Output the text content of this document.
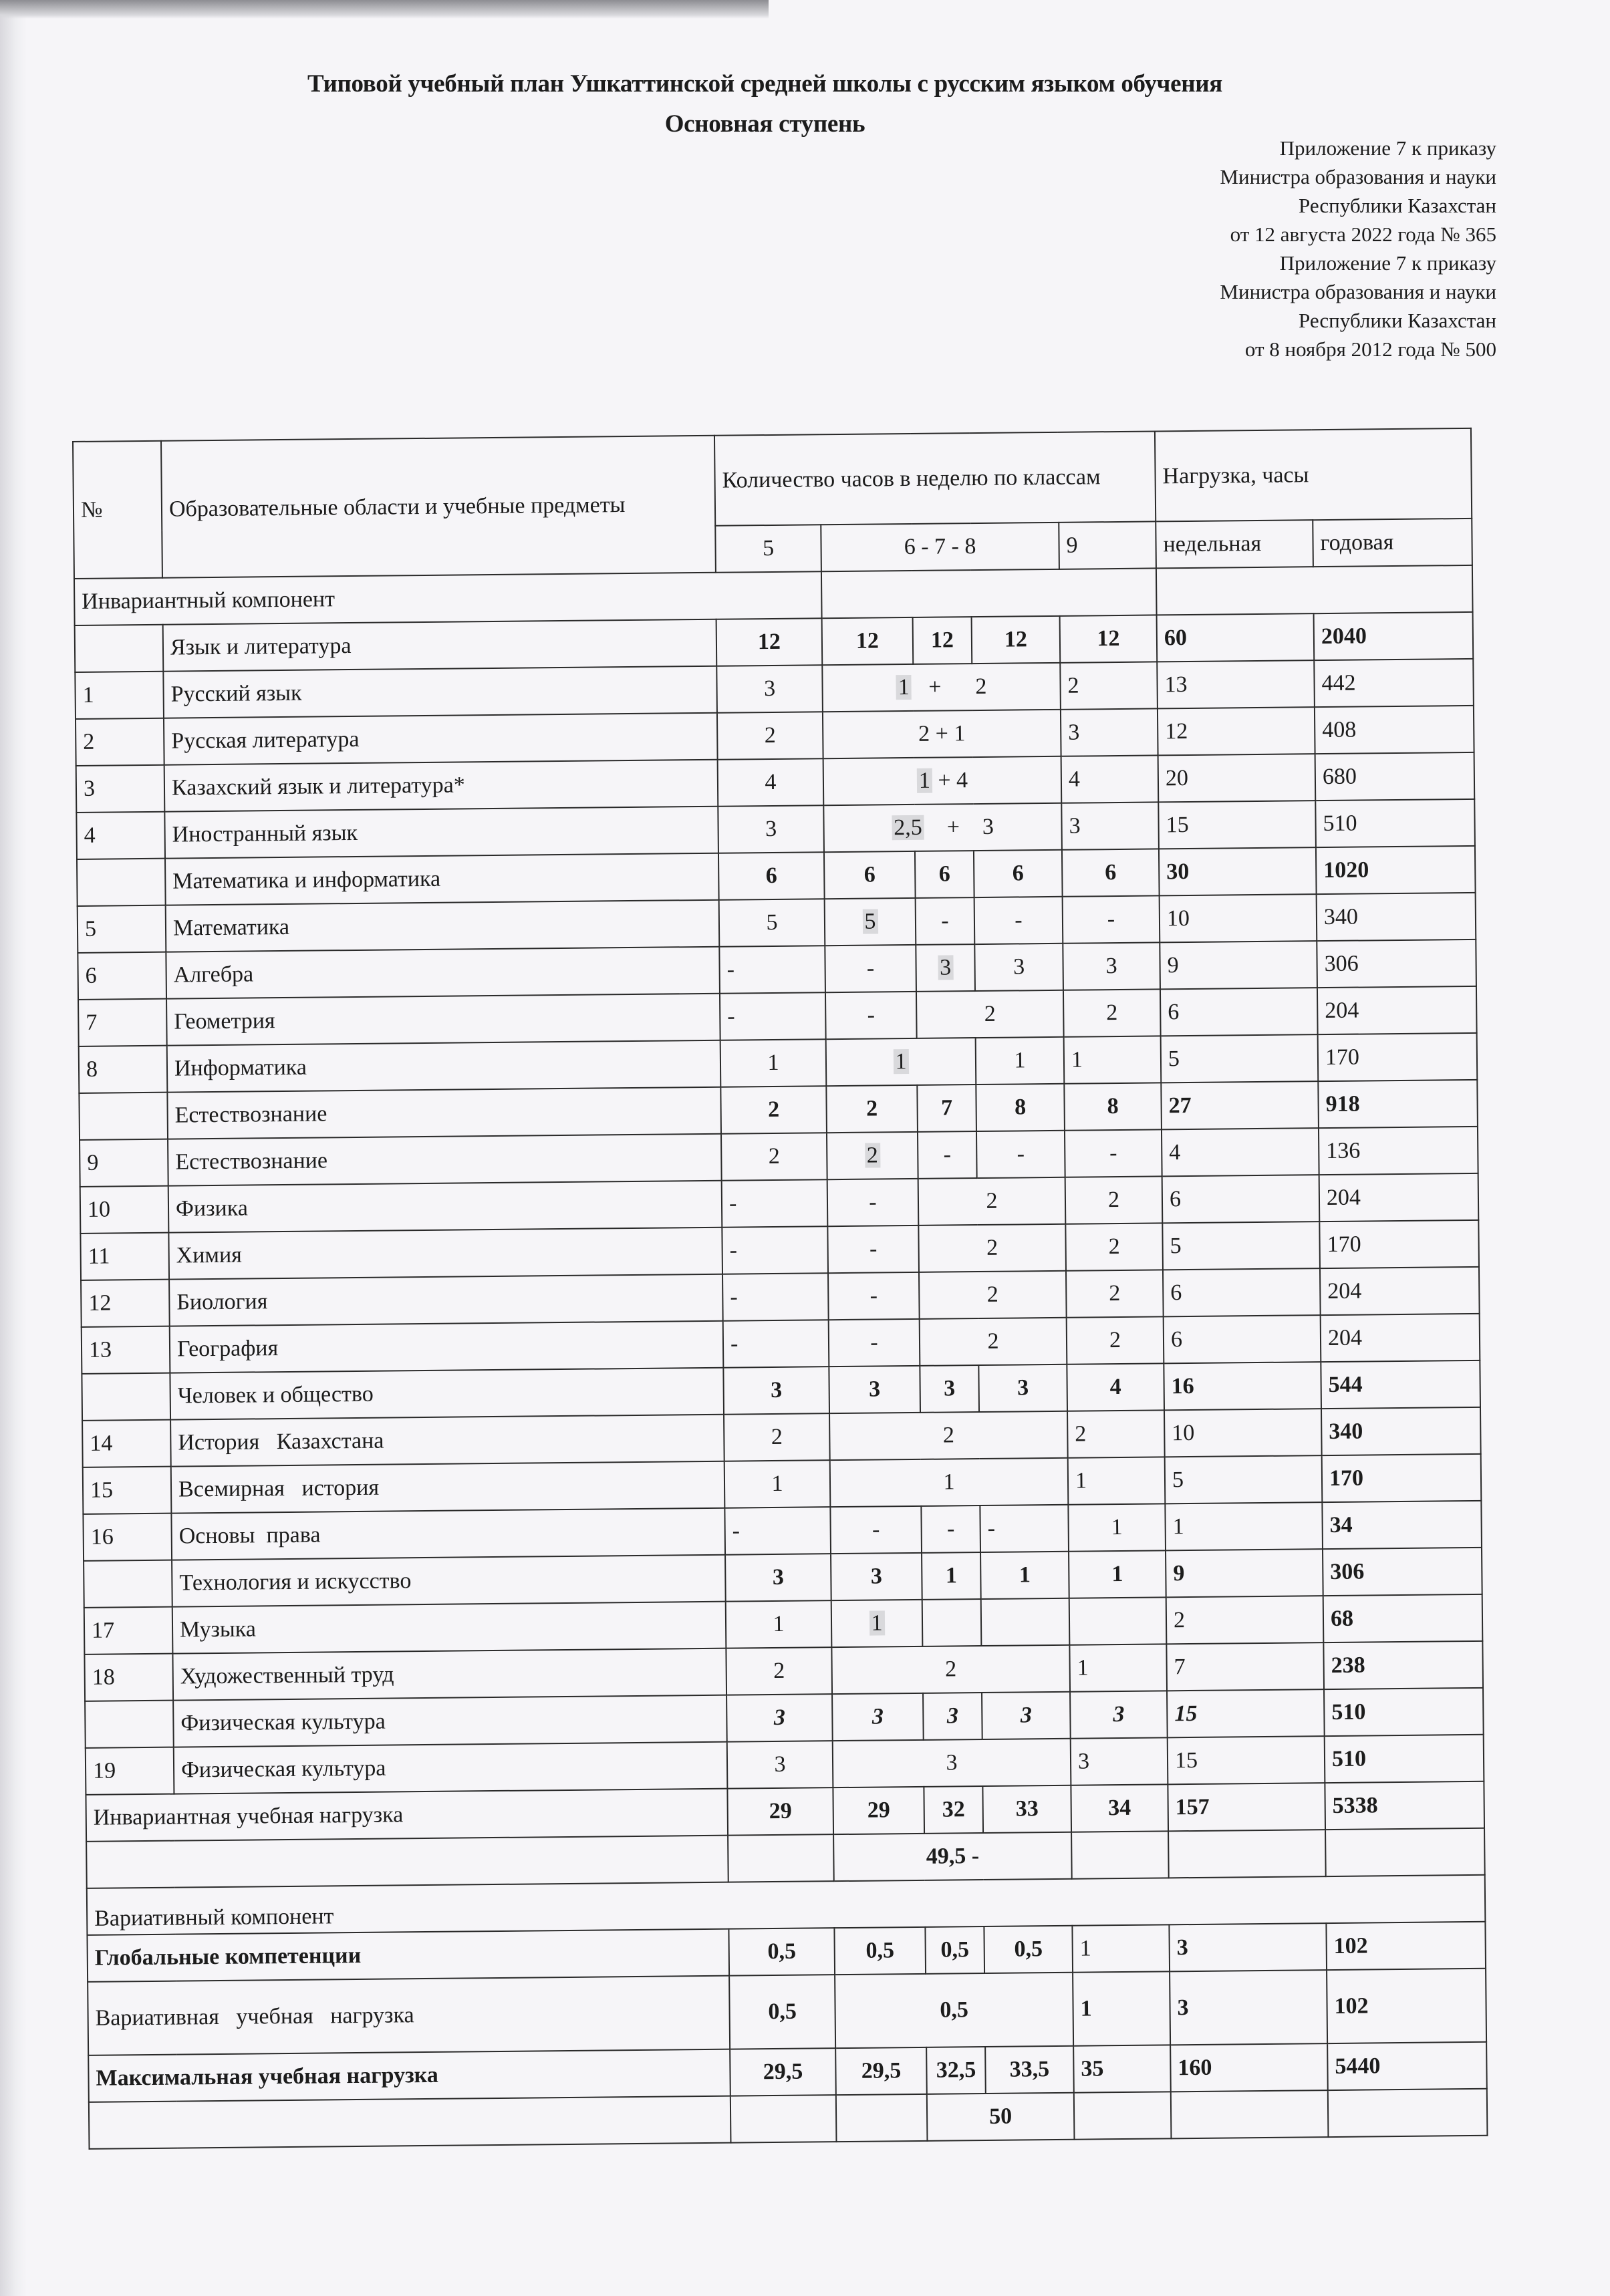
Типовой учебный план Ушкаттинской средней школы с русским языком обучения
Основная ступень
Приложение 7 к приказу
Министра образования и науки
Республики Казахстан
от 12 августа 2022 года № 365
Приложение 7 к приказу
Министра образования и науки
Республики Казахстан
от 8 ноября 2012 года № 500
№	Образовательные области и учебные предметы	Количество часов в неделю по классам					Нагрузка, часы	
		5	6 - 7 - 8			9	недельная	годовая
Инвариантный компонент								
	Язык и литература	12	12	12	12	12	60	2040
1	Русский язык	3	1   +      2			2	13	442
2	Русская литература	2	2 + 1			3	12	408
3	Казахский язык и литература*	4	1 + 4			4	20	680
4	Иностранный язык	3	2,5    +    3			3	15	510
	Математика и информатика	6	6	6	6	6	30	1020
5	Математика	5	5	-	-	-	10	340
6	Алгебра	-	-	3	3	3	9	306
7	Геометрия	-	-	2		2	6	204
8	Информатика	1	1		1	1	5	170
	Естествознание	2	2	7	8	8	27	918
9	Естествознание	2	2	-	-	-	4	136
10	Физика	-	-	2		2	6	204
11	Химия	-	-	2		2	5	170
12	Биология	-	-	2		2	6	204
13	География	-	-	2		2	6	204
	Человек и общество	3	3	3	3	4	16	544
14	История   Казахстана	2	2			2	10	340
15	Всемирная   история	1	1			1	5	170
16	Основы  права	-	-	-	-	1	1	34
	Технология и искусство	3	3	1	1	1	9	306
17	Музыка	1	1				2	68
18	Художественный труд	2	2			1	7	238
	Физическая культура	3	3	3	3	3	15	510
19	Физическая культура	3	3			3	15	510
Инвариантная учебная нагрузка		29	29	32	33	34	157	5338
			49,5 -					
Вариативный компонент								
Глобальные компетенции		0,5	0,5	0,5	0,5	1	3	102
Вариативная   учебная   нагрузка		0,5	0,5			1	3	102
Максимальная учебная нагрузка		29,5	29,5	32,5	33,5	35	160	5440
				50				
